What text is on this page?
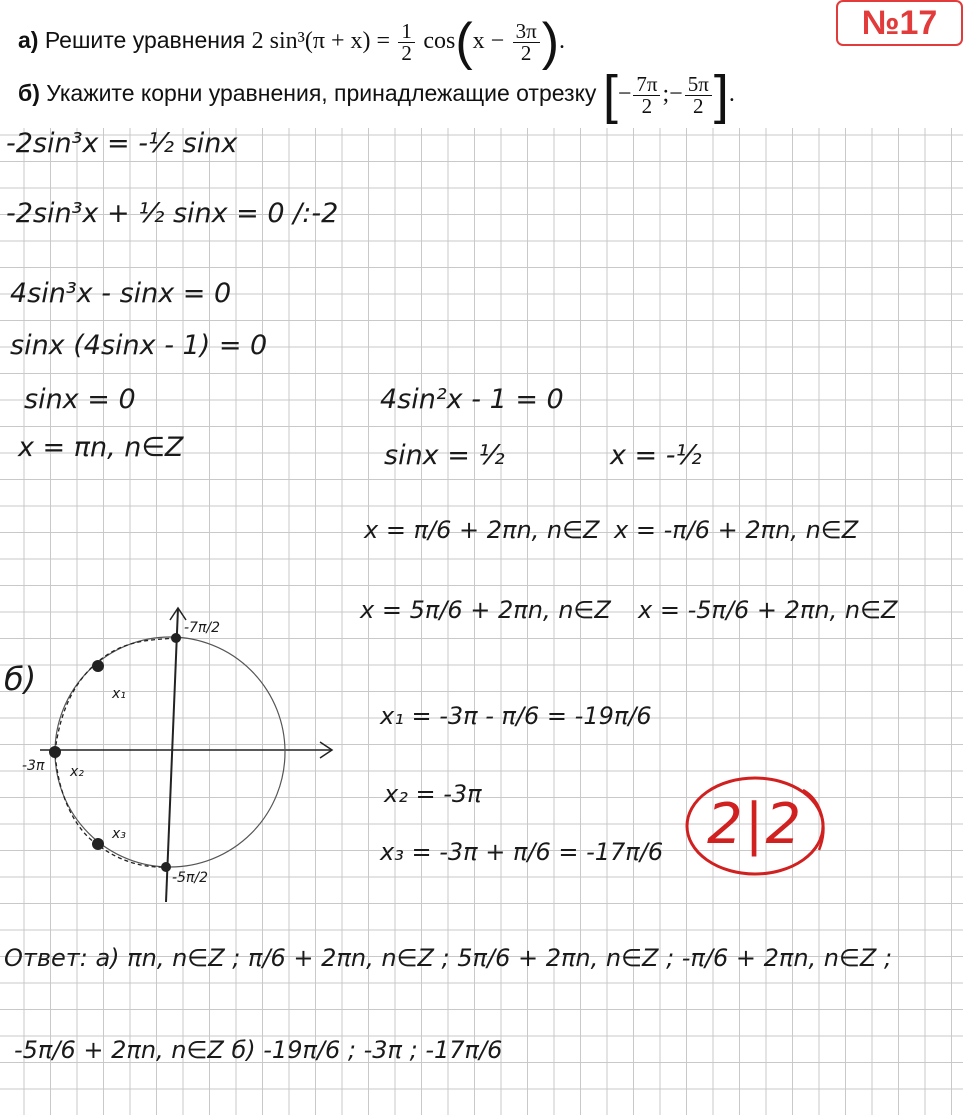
а) Решите уравнения 2 $\sin^3(\pi + x) = \frac{1}{2} \cos(x - \frac{3\pi}{2}$ ).
б) Укажите корни уравнения, принадлежащие отрезку [− $\frac{7\pi}{2}$ ;− $\frac{5\pi}{2}$ ].
№17
-2sin³x = -½ sinx
-2sin³x + ½ sinx = 0 /:-2
4sin³x - sinx = 0
sinx (4sinx - 1) = 0
sinx = 0
x = πn, n∈Z
4sin²x - 1 = 0
sinx = ½	x = -½
x = π/6 + 2πn, n∈Z x = -π/6 + 2πn, n∈Z
x = 5π/6 + 2πn, n∈Z x = -5π/6 + 2πn, n∈Z
x₁ = -3π - π/6 = -19π/6
x₂ = -3π
x₃ = -3π + π/6 = -17π/6
б)
-7π/2
-5π/2
-3π
x₁
x₂
x₃	2|2
Ответ: а) πn, n∈Z ; π/6 + 2πn, n∈Z ; 5π/6 + 2πn, n∈Z ; -π/6 + 2πn, n∈Z ;
-5π/6 + 2πn, n∈Z б) -19π/6 ; -3π ; -17π/6
